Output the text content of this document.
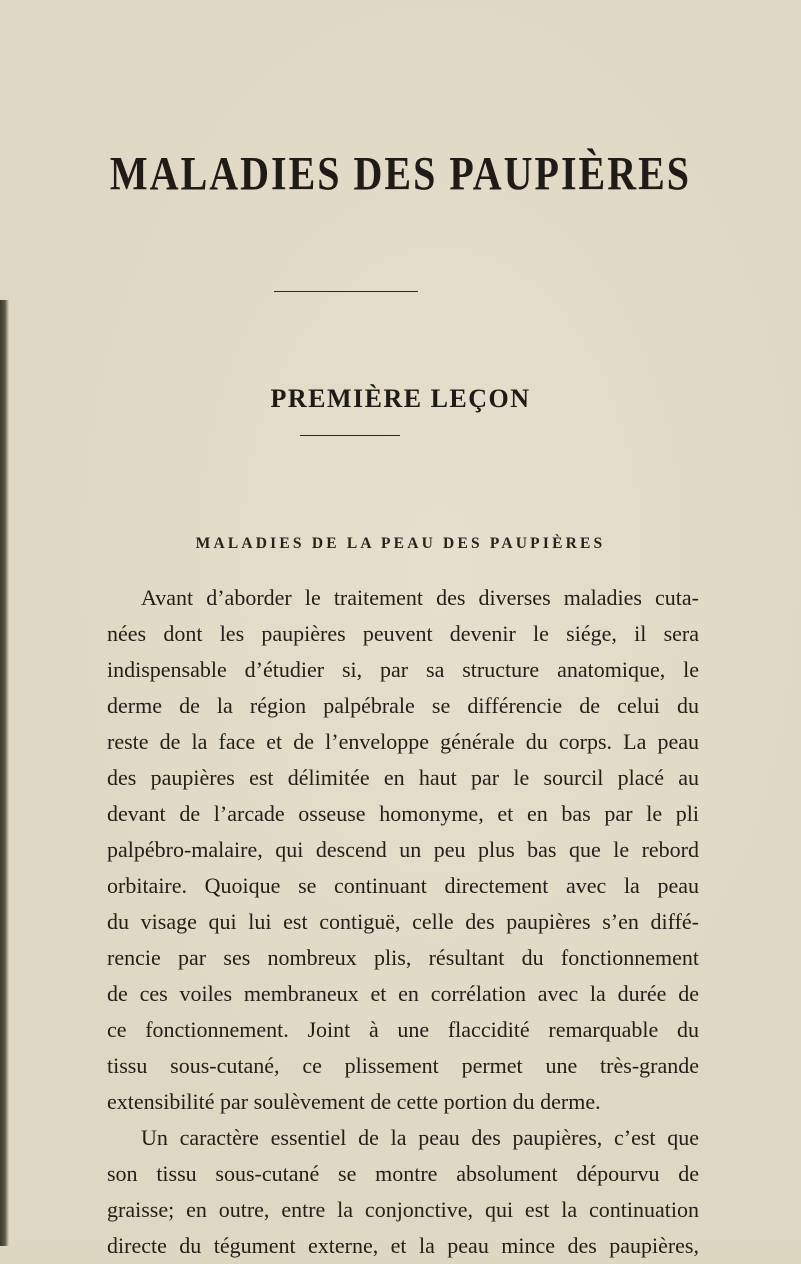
MALADIES DES PAUPIÈRES
PREMIÈRE LEÇON
MALADIES DE LA PEAU DES PAUPIÈRES
Avant d’aborder le traitement des diverses maladies cuta-
nées dont les paupières peuvent devenir le siége, il sera
indispensable d’étudier si, par sa structure anatomique, le
derme de la région palpébrale se différencie de celui du
reste de la face et de l’enveloppe générale du corps. La peau
des paupières est délimitée en haut par le sourcil placé au
devant de l’arcade osseuse homonyme, et en bas par le pli
palpébro-malaire, qui descend un peu plus bas que le rebord
orbitaire. Quoique se continuant directement avec la peau
du visage qui lui est contiguë, celle des paupières s’en diffé-
rencie par ses nombreux plis, résultant du fonctionnement
de ces voiles membraneux et en corrélation avec la durée de
ce fonctionnement. Joint à une flaccidité remarquable du
tissu sous-cutané, ce plissement permet une très-grande
extensibilité par soulèvement de cette portion du derme.
Un caractère essentiel de la peau des paupières, c’est que
son tissu sous-cutané se montre absolument dépourvu de
graisse; en outre, entre la conjonctive, qui est la continuation
directe du tégument externe, et la peau mince des paupières,
